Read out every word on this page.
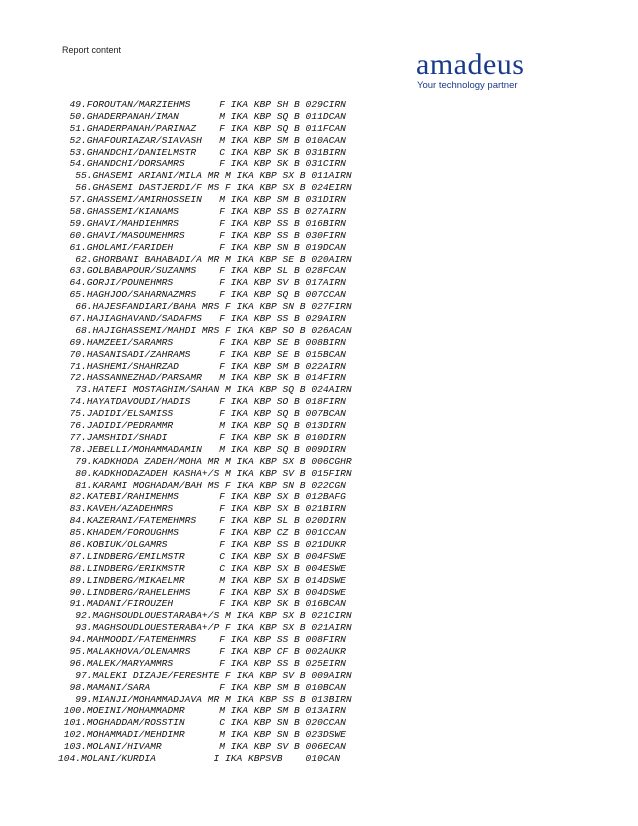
Report content	amadeus
Your technology partner
49.FOROUTAN/MARZIEHMS     F IKA KBP SH B 029CIRN
50.GHADERPANAH/IMAN       M IKA KBP SQ B 011DCAN
51.GHADERPANAH/PARINAZ    F IKA KBP SQ B 011FCAN
52.GHAFOURIAZAR/SIAVASH   M IKA KBP SM B 010ACAN
53.GHANDCHI/DANIELMSTR    C IKA KBP SK B 031BIRN
54.GHANDCHI/DORSAMRS      F IKA KBP SK B 031CIRN
55.GHASEMI ARIANI/MILA MR M IKA KBP SX B 011AIRN
56.GHASEMI DASTJERDI/F MS F IKA KBP SX B 024EIRN
57.GHASSEMI/AMIRHOSSEIN   M IKA KBP SM B 031DIRN
58.GHASSEMI/KIANAMS       F IKA KBP SS B 027AIRN
59.GHAVI/MAHDIEHMRS       F IKA KBP SS B 016BIRN
60.GHAVI/MASOUMEHMRS      F IKA KBP SS B 030FIRN
61.GHOLAMI/FARIDEH        F IKA KBP SN B 019DCAN
62.GHORBANI BAHABADI/A MR M IKA KBP SE B 020AIRN
63.GOLBABAPOUR/SUZANMS    F IKA KBP SL B 028FCAN
64.GORJI/POUNEHMRS        F IKA KBP SV B 017AIRN
65.HAGHJOO/SAHARNAZMRS    F IKA KBP SQ B 007CCAN
66.HAJESFANDIARI/BAHA MRS F IKA KBP SN B 027FIRN
67.HAJIAGHAVAND/SADAFMS   F IKA KBP SS B 029AIRN
68.HAJIGHASSEMI/MAHDI MRS F IKA KBP SO B 026ACAN
69.HAMZEEI/SARAMRS        F IKA KBP SE B 008BIRN
70.HASANISADI/ZAHRAMS     F IKA KBP SE B 015BCAN
71.HASHEMI/SHAHRZAD       F IKA KBP SM B 022AIRN
72.HASSANNEZHAD/PARSAMR   M IKA KBP SK B 014FIRN
73.HATEFI MOSTAGHIM/SAHAN M IKA KBP SQ B 024AIRN
74.HAYATDAVOUDI/HADIS     F IKA KBP SO B 018FIRN
75.JADIDI/ELSAMISS        F IKA KBP SQ B 007BCAN
76.JADIDI/PEDRAMMR        M IKA KBP SQ B 013DIRN
77.JAMSHIDI/SHADI         F IKA KBP SK B 010DIRN
78.JEBELLI/MOHAMMADAMIN   M IKA KBP SQ B 009DIRN
79.KADKHODA ZADEH/MOHA MR M IKA KBP SX B 006CGHR
80.KADKHODAZADEH KASHA+/S M IKA KBP SV B 015FIRN
81.KARAMI MOGHADAM/BAH MS F IKA KBP SN B 022CGN
82.KATEBI/RAHIMEHMS       F IKA KBP SX B 012BAFG
83.KAVEH/AZADEHMRS        F IKA KBP SX B 021BIRN
84.KAZERANI/FATEMEHMRS    F IKA KBP SL B 020DIRN
85.KHADEM/FOROUGHMS       F IKA KBP CZ B 001CCAN
86.KOBIUK/OLGAMRS         F IKA KBP SS B 021DUKR
87.LINDBERG/EMILMSTR      C IKA KBP SX B 004FSWE
88.LINDBERG/ERIKMSTR      C IKA KBP SX B 004ESWE
89.LINDBERG/MIKAELMR      M IKA KBP SX B 014DSWE
90.LINDBERG/RAHELEHMS     F IKA KBP SX B 004DSWE
91.MADANI/FIROUZEH        F IKA KBP SK B 016BCAN
92.MAGHSOUDLOUESTARABA+/S M IKA KBP SX B 021CIRN
93.MAGHSOUDLOUESTERABA+/P F IKA KBP SX B 021AIRN
94.MAHMOODI/FATEMEHMRS    F IKA KBP SS B 008FIRN
95.MALAKHOVA/OLENAMRS     F IKA KBP CF B 002AUKR
96.MALEK/MARYAMMRS        F IKA KBP SS B 025EIRN
97.MALEKI DIZAJE/FERESHTE F IKA KBP SV B 009AIRN
98.MAMANI/SARA            F IKA KBP SM B 010BCAN
99.MIANJI/MOHAMMADJAVA MR M IKA KBP SS B 013BIRN
100.MOEINI/MOHAMMADMR      M IKA KBP SM B 013AIRN
101.MOGHADDAM/ROSSTIN      C IKA KBP SN B 020CCAN
102.MOHAMMADI/MEHDIMR      M IKA KBP SN B 023DSWE
103.MOLANI/HIVAMR          M IKA KBP SV B 006ECAN
104.MOLANI/KURDIA          I IKA KBPSVB    010CAN
